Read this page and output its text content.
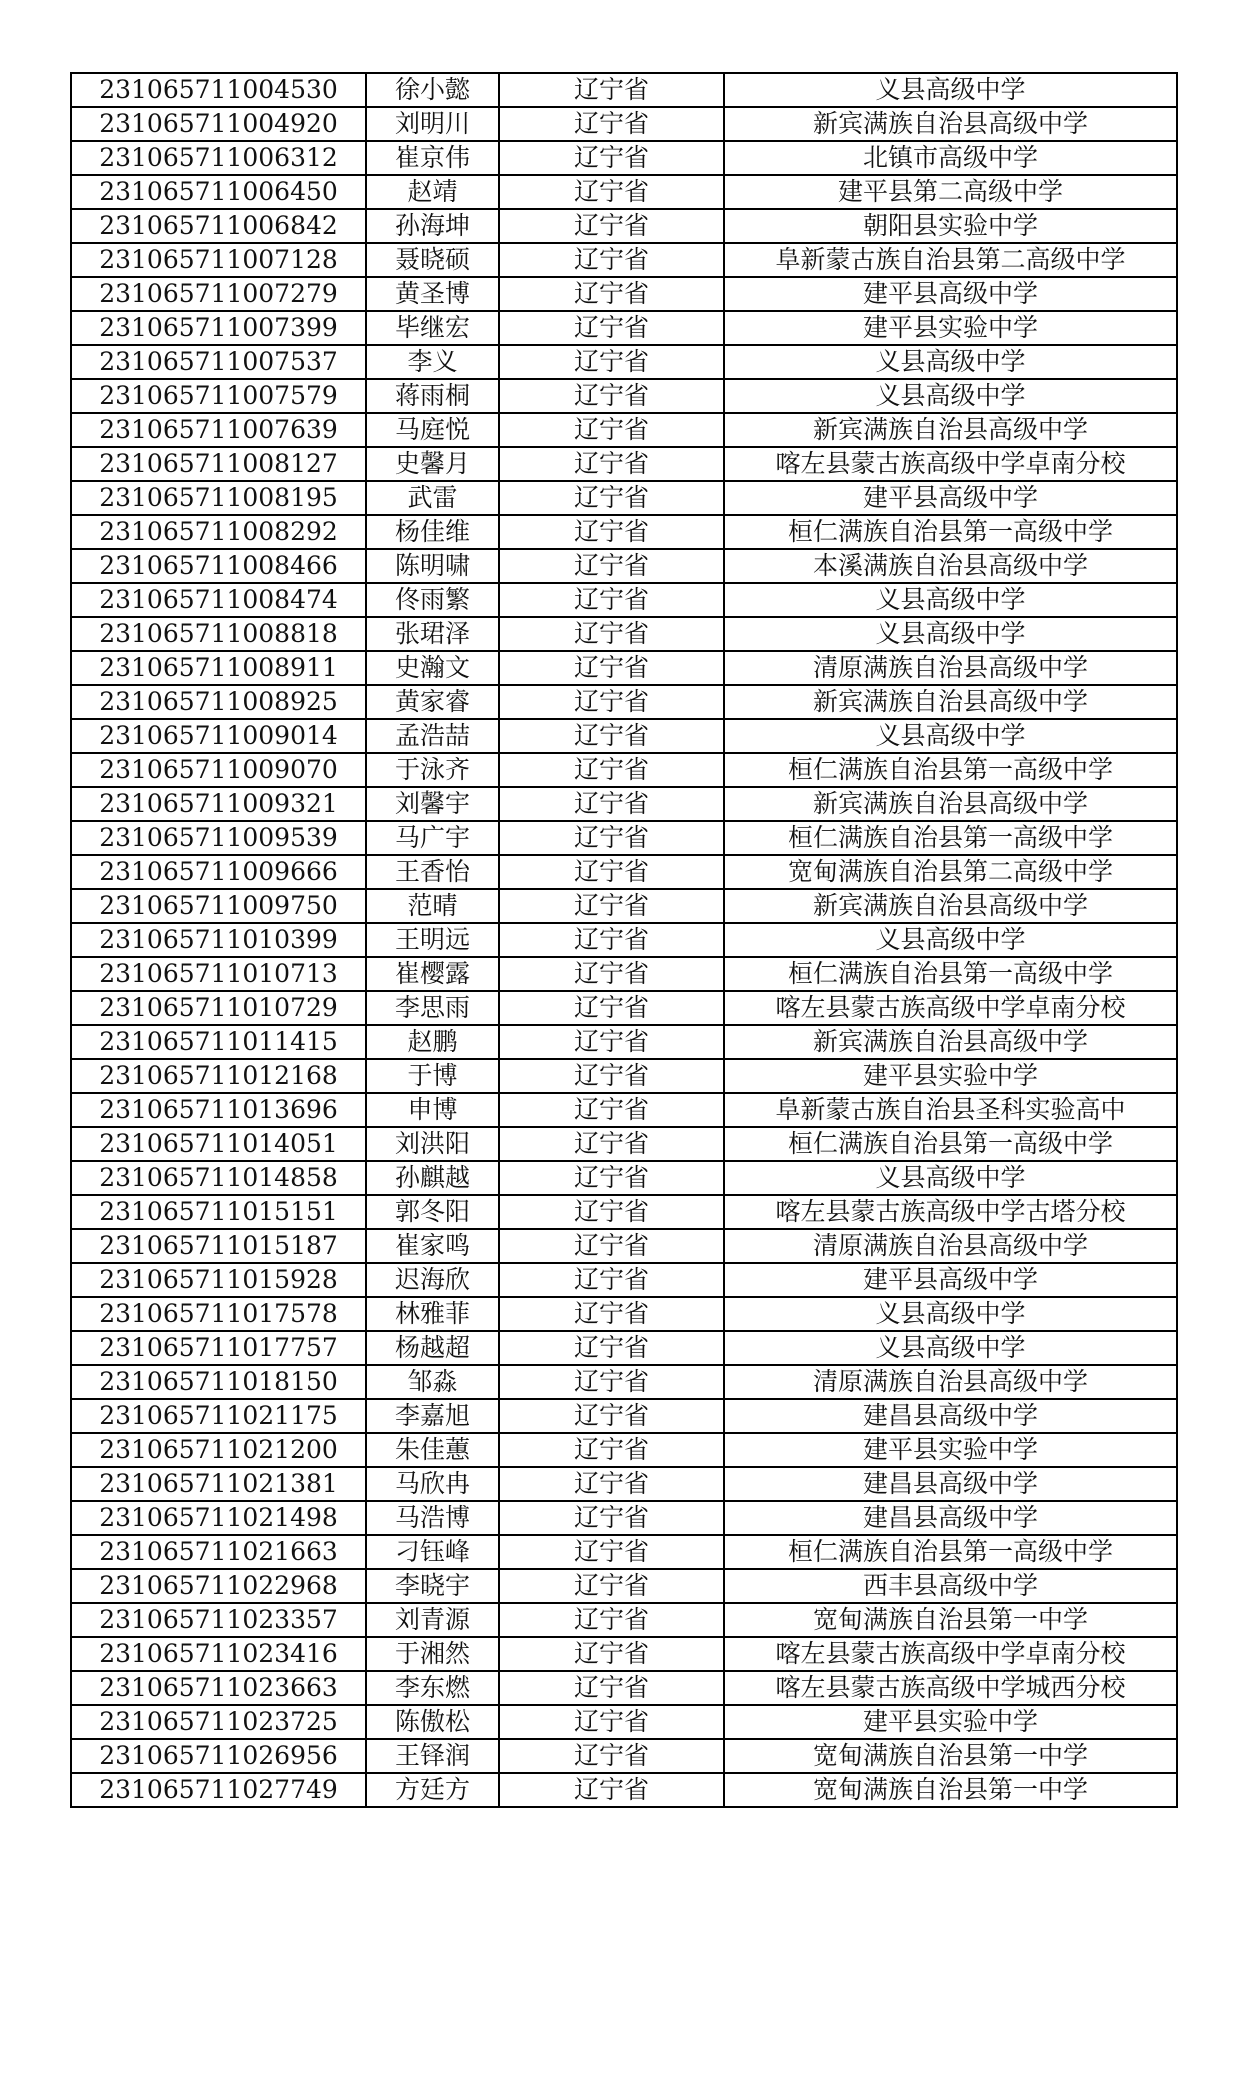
231065711004530	徐小懿	辽宁省	义县高级中学
231065711004920	刘明川	辽宁省	新宾满族自治县高级中学
231065711006312	崔京伟	辽宁省	北镇市高级中学
231065711006450	赵靖	辽宁省	建平县第二高级中学
231065711006842	孙海坤	辽宁省	朝阳县实验中学
231065711007128	聂晓硕	辽宁省	阜新蒙古族自治县第二高级中学
231065711007279	黄圣博	辽宁省	建平县高级中学
231065711007399	毕继宏	辽宁省	建平县实验中学
231065711007537	李义	辽宁省	义县高级中学
231065711007579	蒋雨桐	辽宁省	义县高级中学
231065711007639	马庭悦	辽宁省	新宾满族自治县高级中学
231065711008127	史馨月	辽宁省	喀左县蒙古族高级中学卓南分校
231065711008195	武雷	辽宁省	建平县高级中学
231065711008292	杨佳维	辽宁省	桓仁满族自治县第一高级中学
231065711008466	陈明啸	辽宁省	本溪满族自治县高级中学
231065711008474	佟雨繁	辽宁省	义县高级中学
231065711008818	张珺泽	辽宁省	义县高级中学
231065711008911	史瀚文	辽宁省	清原满族自治县高级中学
231065711008925	黄家睿	辽宁省	新宾满族自治县高级中学
231065711009014	孟浩喆	辽宁省	义县高级中学
231065711009070	于泳齐	辽宁省	桓仁满族自治县第一高级中学
231065711009321	刘馨宇	辽宁省	新宾满族自治县高级中学
231065711009539	马广宇	辽宁省	桓仁满族自治县第一高级中学
231065711009666	王香怡	辽宁省	宽甸满族自治县第二高级中学
231065711009750	范晴	辽宁省	新宾满族自治县高级中学
231065711010399	王明远	辽宁省	义县高级中学
231065711010713	崔樱露	辽宁省	桓仁满族自治县第一高级中学
231065711010729	李思雨	辽宁省	喀左县蒙古族高级中学卓南分校
231065711011415	赵鹏	辽宁省	新宾满族自治县高级中学
231065711012168	于博	辽宁省	建平县实验中学
231065711013696	申博	辽宁省	阜新蒙古族自治县圣科实验高中
231065711014051	刘洪阳	辽宁省	桓仁满族自治县第一高级中学
231065711014858	孙麒越	辽宁省	义县高级中学
231065711015151	郭冬阳	辽宁省	喀左县蒙古族高级中学古塔分校
231065711015187	崔家鸣	辽宁省	清原满族自治县高级中学
231065711015928	迟海欣	辽宁省	建平县高级中学
231065711017578	林雅菲	辽宁省	义县高级中学
231065711017757	杨越超	辽宁省	义县高级中学
231065711018150	邹淼	辽宁省	清原满族自治县高级中学
231065711021175	李嘉旭	辽宁省	建昌县高级中学
231065711021200	朱佳蕙	辽宁省	建平县实验中学
231065711021381	马欣冉	辽宁省	建昌县高级中学
231065711021498	马浩博	辽宁省	建昌县高级中学
231065711021663	刁钰峰	辽宁省	桓仁满族自治县第一高级中学
231065711022968	李晓宇	辽宁省	西丰县高级中学
231065711023357	刘青源	辽宁省	宽甸满族自治县第一中学
231065711023416	于湘然	辽宁省	喀左县蒙古族高级中学卓南分校
231065711023663	李东燃	辽宁省	喀左县蒙古族高级中学城西分校
231065711023725	陈傲松	辽宁省	建平县实验中学
231065711026956	王铎润	辽宁省	宽甸满族自治县第一中学
231065711027749	方廷方	辽宁省	宽甸满族自治县第一中学
